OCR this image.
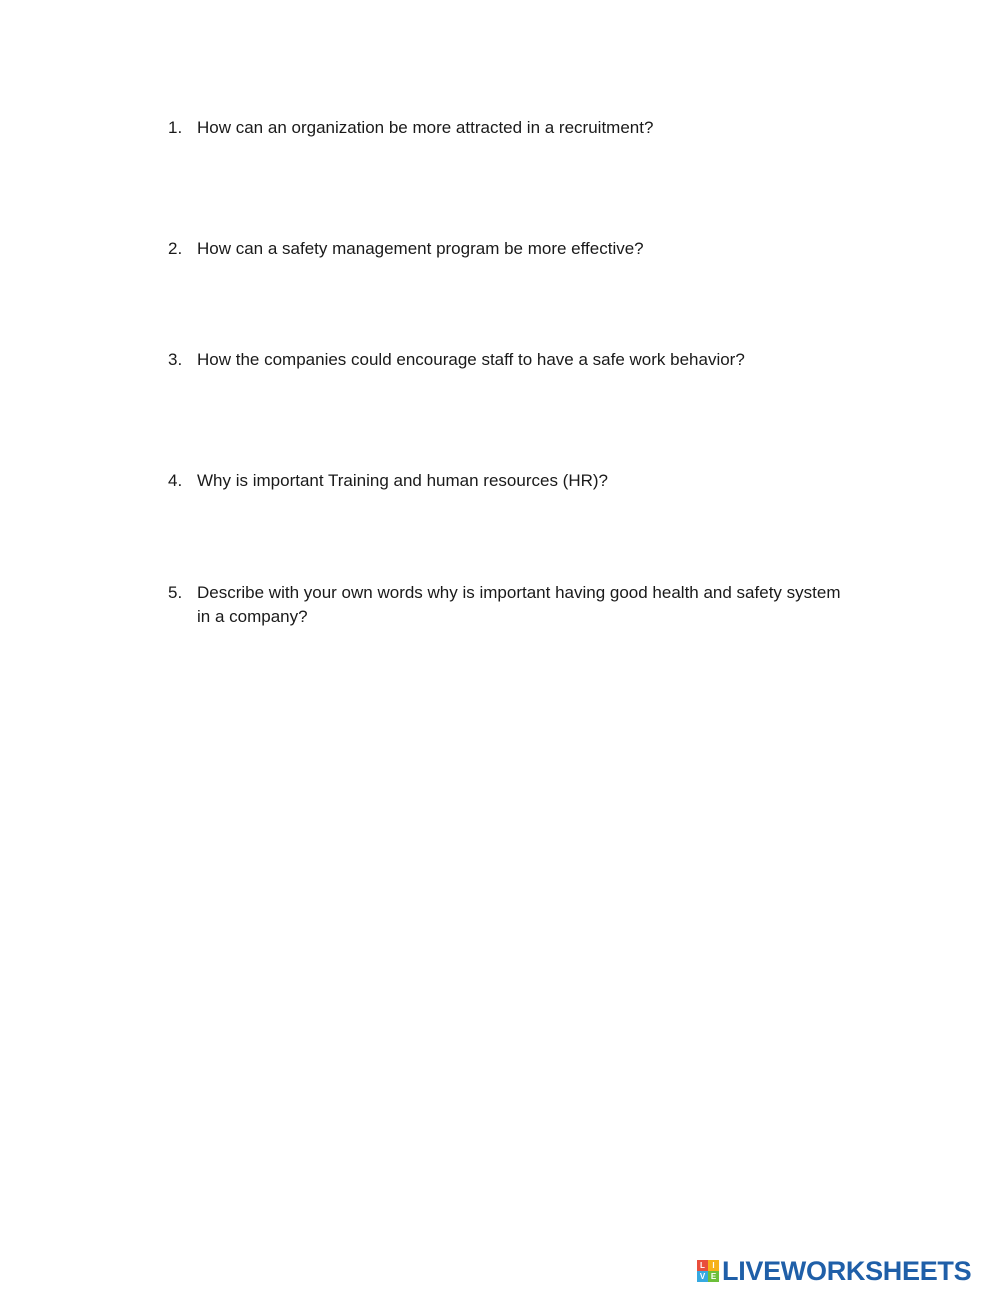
1. How can an organization be more attracted in a recruitment?
2. How can a safety management program be more effective?
3. How the companies could encourage staff to have a safe work behavior?
4. Why is important Training and human resources (HR)?
5. Describe with your own words why is important having good health and safety system in a company?
L I
V E LIVEWORKSHEETS
